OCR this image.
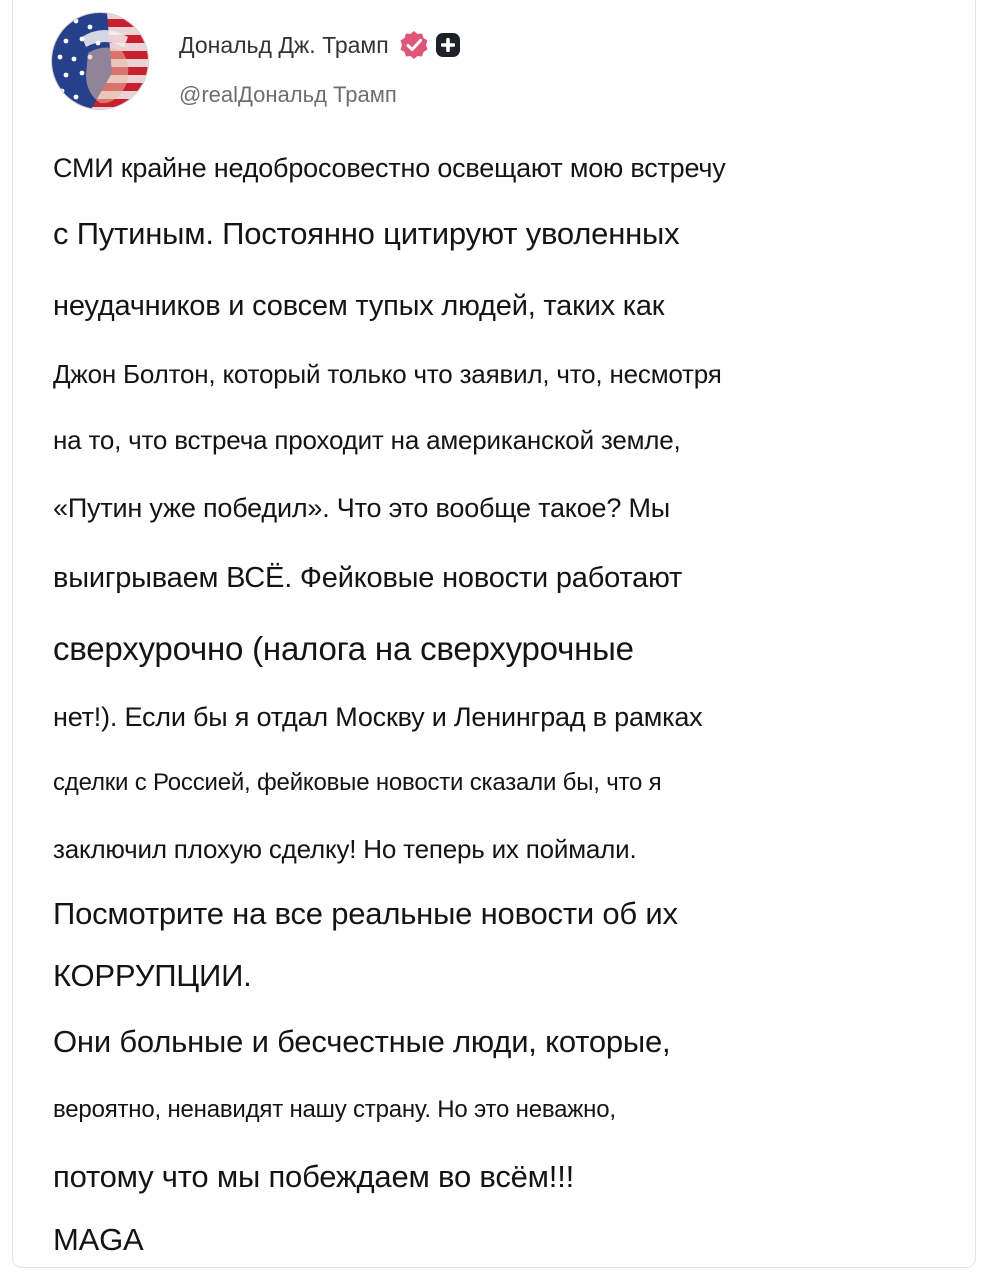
Дональд Дж. Трамп
@realДональд Трамп
СМИ крайне недобросовестно освещают мою встречу
с Путиным. Постоянно цитируют уволенных
неудачников и совсем тупых людей, таких как
Джон Болтон, который только что заявил, что, несмотря
на то, что встреча проходит на американской земле,
«Путин уже победил». Что это вообще такое? Мы
выигрываем ВСЁ. Фейковые новости работают
сверхурочно (налога на сверхурочные
нет!). Если бы я отдал Москву и Ленинград в рамках
сделки с Россией, фейковые новости сказали бы, что я
заключил плохую сделку! Но теперь их поймали.
Посмотрите на все реальные новости об их
КОРРУПЦИИ.
Они больные и бесчестные люди, которые,
вероятно, ненавидят нашу страну. Но это неважно,
потому что мы побеждаем во всём!!!
MAGA
